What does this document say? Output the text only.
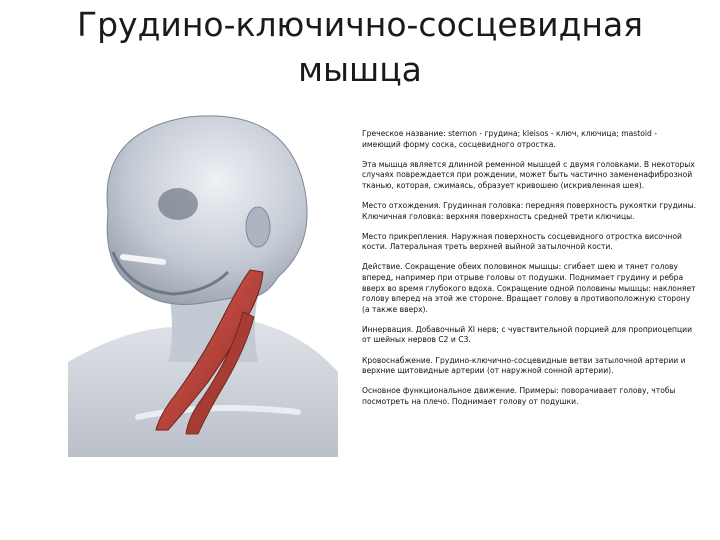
Грудино-ключично-сосцевидная
мышца

Греческое название: sternon - грудина; kleisos - ключ, ключица; mastoid - имеющий форму соска, сосцевидного отростка.

Эта мышца является длинной ременной мышцей с двумя головками. В некоторых случаях повреждается при рождении, может быть частично замененафиброзной тканью, которая, сжимаясь, образует кривошею (искривленная шея).

Место отхождения. Грудинная головка: передняя поверхность рукоятки грудины. Ключичная головка: верхняя поверхность средней трети ключицы.

Место прикрепления. Наружная поверхность сосцевидного отростка височной кости. Латеральная треть верхней выйной затылочной кости.

Действие. Сокращение обеих половинок мышцы: сгибает шею и тянет голову вперед, например при отрыве головы от подушки. Поднимает грудину и ребра вверх во время глубокого вдоха. Сокращение одной половины мышцы: наклоняет голову вперед на этой же стороне. Вращает голову в противоположную сторону (а также вверх).

Иннервация. Добавочный XI нерв; с чувствительной порцией для проприоцепции от шейных нервов C2 и C3.

Кровоснабжение. Грудино-ключично-сосцевидные ветви затылочной артерии и верхние щитовидные артерии (от наружной сонной артерии).

Основное функциональное движение. Примеры: поворачивает голову, чтобы посмотреть на плечо. Поднимает голову от подушки.
